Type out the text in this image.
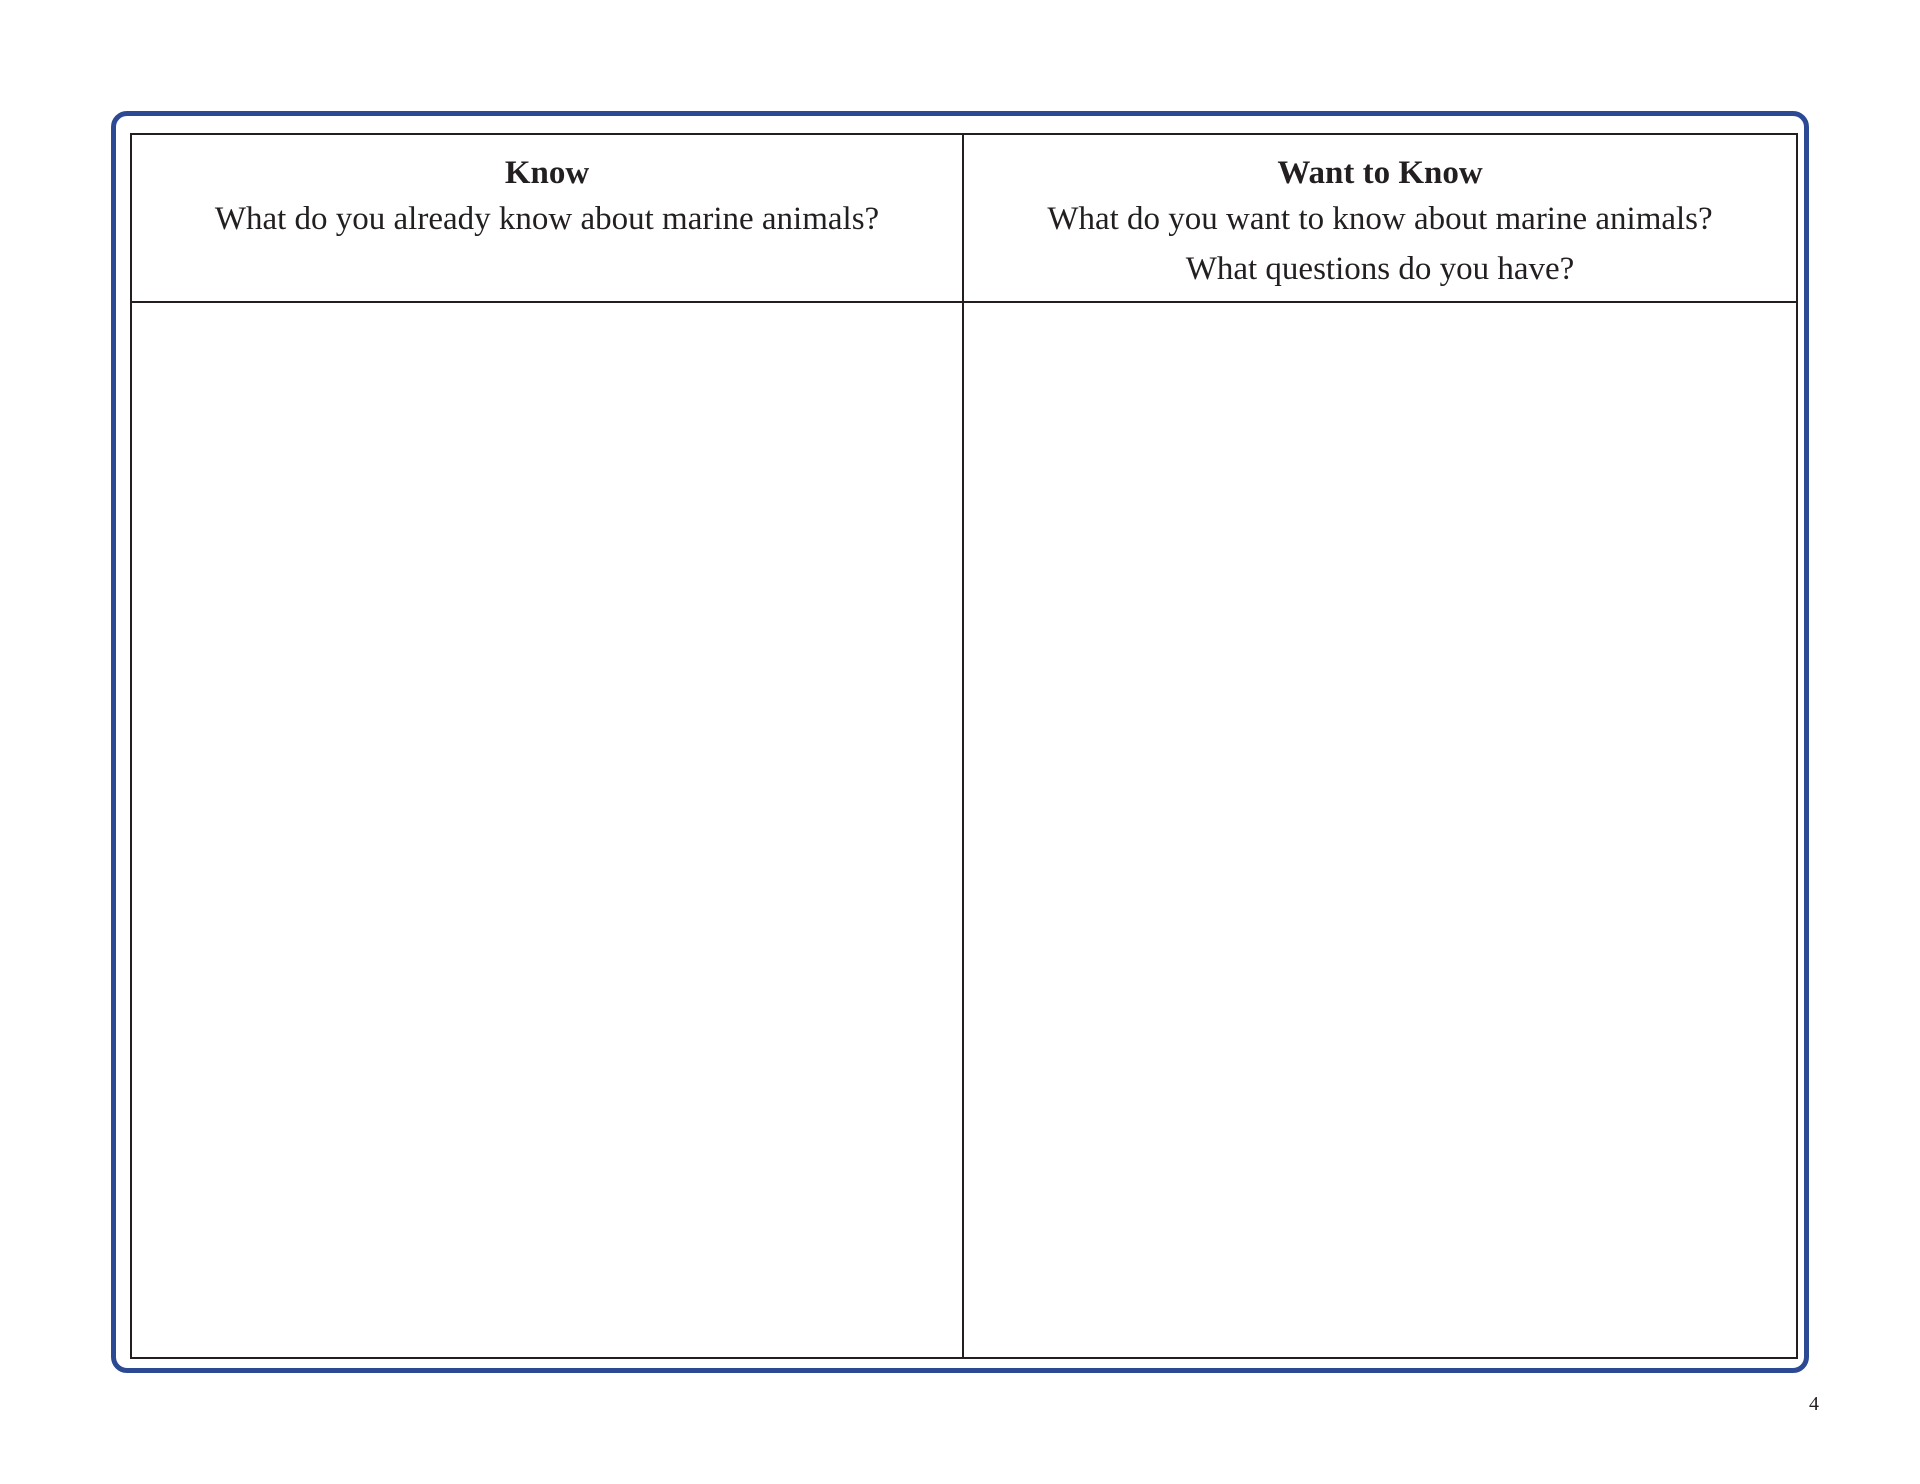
Know
What do you already know about marine animals?
Want to Know
What do you want to know about marine animals?
What questions do you have?
4
